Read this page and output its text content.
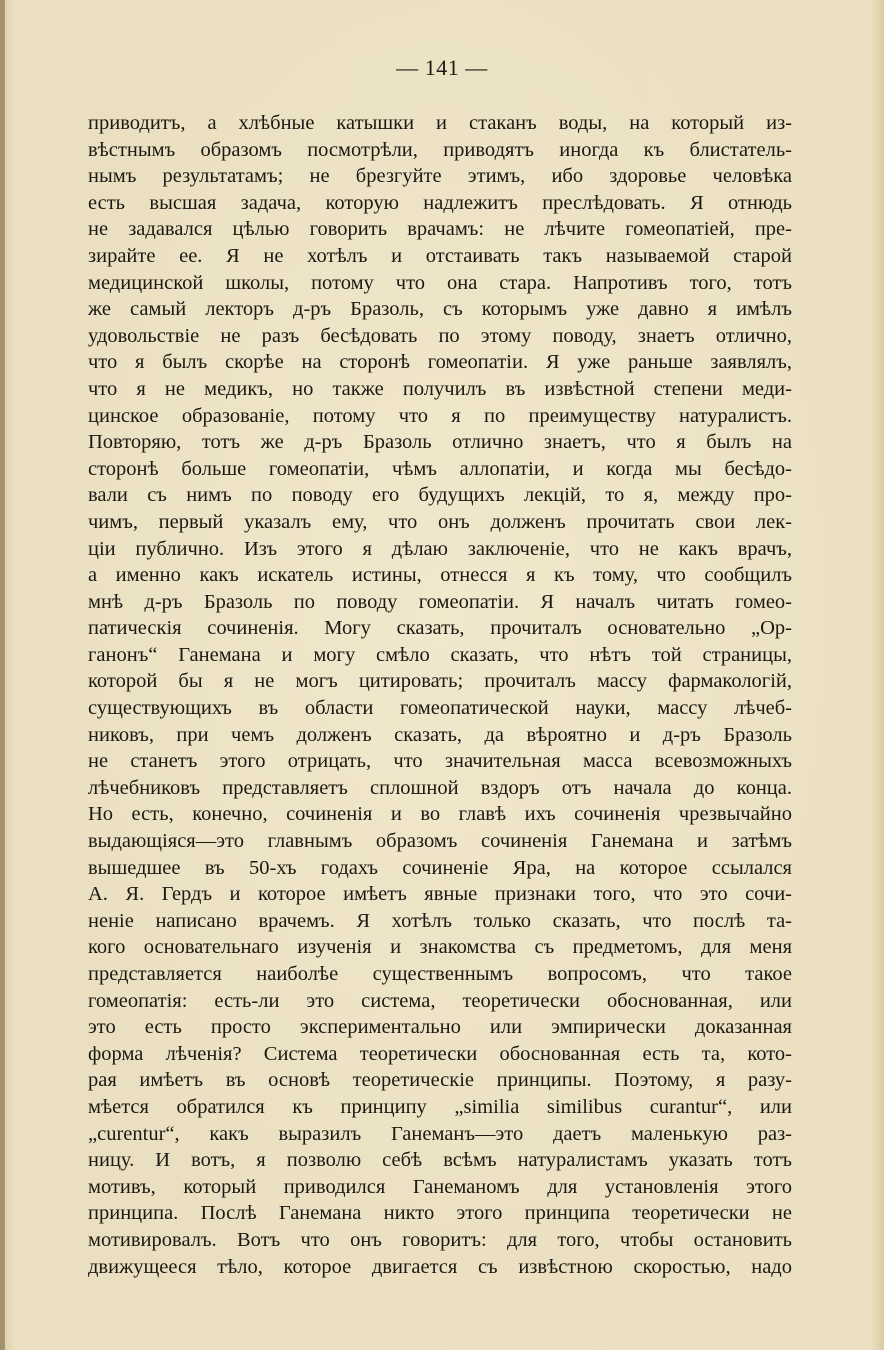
— 141 —
приводитъ, а хлѣбные катышки и стаканъ воды, на который из-
вѣстнымъ образомъ посмотрѣли, приводятъ иногда къ блистатель-
нымъ результатамъ; не брезгуйте этимъ, ибо здоровье человѣка
есть высшая задача, которую надлежитъ преслѣдовать. Я отнюдь
не задавался цѣлью говорить врачамъ: не лѣчите гомеопатiей, пре-
зирайте ее. Я не хотѣлъ и отстаивать такъ называемой старой
медицинской школы, потому что она стара. Напротивъ того, тотъ
же самый лекторъ д-ръ Бразоль, съ которымъ уже давно я имѣлъ
удовольствiе не разъ бесѣдовать по этому поводу, знаетъ отлично,
что я былъ скорѣе на сторонѣ гомеопатiи. Я уже раньше заявлялъ,
что я не медикъ, но также получилъ въ извѣстной степени меди-
цинское образованiе, потому что я по преимуществу натуралистъ.
Повторяю, тотъ же д-ръ Бразоль отлично знаетъ, что я былъ на
сторонѣ больше гомеопатiи, чѣмъ аллопатiи, и когда мы бесѣдо-
вали съ нимъ по поводу его будущихъ лекцiй, то я, между про-
чимъ, первый указалъ ему, что онъ долженъ прочитать свои лек-
цiи публично. Изъ этого я дѣлаю заключенiе, что не какъ врачъ,
а именно какъ искатель истины, отнесся я къ тому, что сообщилъ
мнѣ д-ръ Бразоль по поводу гомеопатiи. Я началъ читать гомео-
патическiя сочиненiя. Могу сказать, прочиталъ основательно „Ор-
ганонъ“ Ганемана и могу смѣло сказать, что нѣтъ той страницы,
которой бы я не могъ цитировать; прочиталъ массу фармакологiй,
существующихъ въ области гомеопатической науки, массу лѣчеб-
никовъ, при чемъ долженъ сказать, да вѣроятно и д-ръ Бразоль
не станетъ этого отрицать, что значительная масса всевозможныхъ
лѣчебниковъ представляетъ сплошной вздоръ отъ начала до конца.
Но есть, конечно, сочиненiя и во главѣ ихъ сочиненiя чрезвычайно
выдающiяся—это главнымъ образомъ сочиненiя Ганемана и затѣмъ
вышедшее въ 50-хъ годахъ сочиненiе Яра, на которое ссылался
А. Я. Гердъ и которое имѣетъ явные признаки того, что это сочи-
ненiе написано врачемъ. Я хотѣлъ только сказать, что послѣ та-
кого основательнаго изученiя и знакомства съ предметомъ, для меня
представляется наиболѣе существеннымъ вопросомъ, что такое
гомеопатiя: есть-ли это система, теоретически обоснованная, или
это есть просто экспериментально или эмпирически доказанная
форма лѣченiя? Система теоретически обоснованная есть та, кото-
рая имѣетъ въ основѣ теоретическiе принципы. Поэтому, я разу-
мѣется обратился къ принципу „similia similibus curantur“, или
„curentur“, какъ выразилъ Ганеманъ—это даетъ маленькую раз-
ницу. И вотъ, я позволю себѣ всѣмъ натуралистамъ указать тотъ
мотивъ, который приводился Ганеманомъ для установленiя этого
принципа. Послѣ Ганемана никто этого принципа теоретически не
мотивировалъ. Вотъ что онъ говоритъ: для того, чтобы остановить
движущееся тѣло, которое двигается съ извѣстною скоростью, надо
